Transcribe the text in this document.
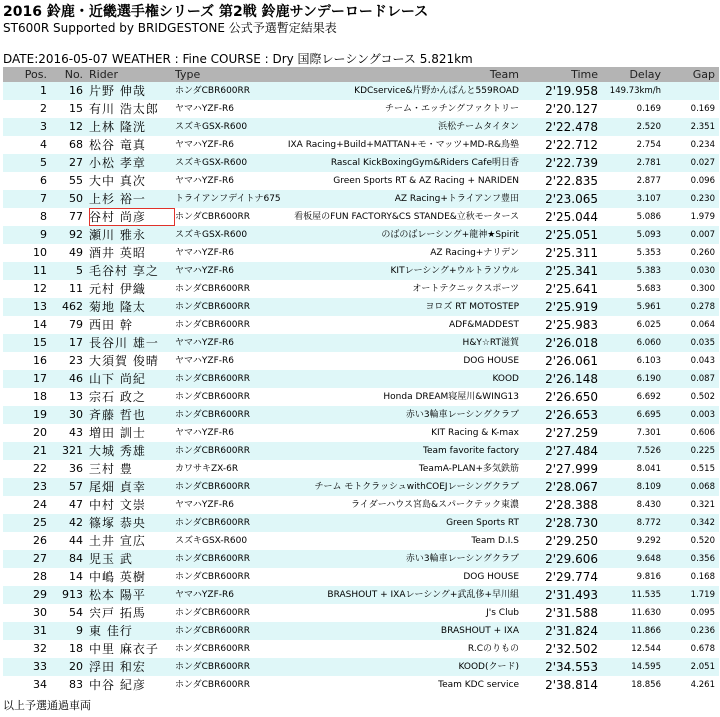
2016 鈴鹿・近畿選手権シリーズ 第2戦 鈴鹿サンデーロードレース
ST600R Supported by BRIDGESTONE 公式予選暫定結果表
DATE:2016-05-07 WEATHER : Fine COURSE : Dry 国際レーシングコース 5.821km
Pos.	No. Rider	Type	Team	Time	Delay	Gap
1	16 片野 伸哉	ホンダCBR600RR	KDCservice&片野かんぱんと559ROAD	2'19.958	149.73km/h
2	15 有川 浩太郎	ヤマハYZF-R6	チーム・エッチングファクトリー	2'20.127	0.169	0.169
3	12 上林 隆洸	スズキGSX-R600	浜松チームタイタン	2'22.478	2.520	2.351
4	68 松谷 竜真	ヤマハYZF-R6	IXA Racing+Build+MATTAN+モ・マッツ+MD-R&鳥塾	2'22.712	2.754	0.234
5	27 小松 孝章	スズキGSX-R600	Rascal KickBoxingGym&Riders Cafe明日香	2'22.739	2.781	0.027
6	55 大中 真次	ヤマハYZF-R6	Green Sports RT & AZ Racing + NARIDEN	2'22.835	2.877	0.096
7	50 上杉 裕一	トライアンフデイトナ675	AZ Racing+トライアンフ豊田	2'23.065	3.107	0.230
8	77 谷村 尚彦	ホンダCBR600RR	看板屋のFUN FACTORY&CS STANDE&立秋モータース	2'25.044	5.086	1.979
9	92 瀬川 雅永	スズキGSX-R600	のばのばレーシング+龍神★Spirit	2'25.051	5.093	0.007
10	49 酒井 英昭	ヤマハYZF-R6	AZ Racing+ナリデン	2'25.311	5.353	0.260
11	5 毛谷村 享之	ヤマハYZF-R6	KITレーシング+ウルトラソウル	2'25.341	5.383	0.030
12	11 元村 伊織	ホンダCBR600RR	オートテクニックスポーツ	2'25.641	5.683	0.300
13	462 菊地 隆太	ホンダCBR600RR	ヨロズ RT MOTOSTEP	2'25.919	5.961	0.278
14	79 西田 幹	ホンダCBR600RR	ADF&MADDEST	2'25.983	6.025	0.064
15	17 長谷川 雄一	ヤマハYZF-R6	H&Y☆RT滋賀	2'26.018	6.060	0.035
16	23 大須賀 俊晴	ヤマハYZF-R6	DOG HOUSE	2'26.061	6.103	0.043
17	46 山下 尚紀	ホンダCBR600RR	KOOD	2'26.148	6.190	0.087
18	13 宗石 政之	ホンダCBR600RR	Honda DREAM寝屋川&WING13	2'26.650	6.692	0.502
19	30 斉藤 哲也	ホンダCBR600RR	赤い3輪車レーシングクラブ	2'26.653	6.695	0.003
20	43 増田 訓士	ヤマハYZF-R6	KIT Racing & K-max	2'27.259	7.301	0.606
21	321 大城 秀雄	ホンダCBR600RR	Team favorite factory	2'27.484	7.526	0.225
22	36 三村 豊	カワサキZX-6R	TeamA-PLAN+多気鉄筋	2'27.999	8.041	0.515
23	57 尾畑 貞幸	ホンダCBR600RR	チーム モトクラッシュwithCOEJレーシングクラブ	2'28.067	8.109	0.068
24	47 中村 文崇	ヤマハYZF-R6	ライダーハウス宮島&スパークテック東濃	2'28.388	8.430	0.321
25	42 篠塚 恭央	ホンダCBR600RR	Green Sports RT	2'28.730	8.772	0.342
26	44 土井 宣広	スズキGSX-R600	Team D.I.S	2'29.250	9.292	0.520
27	84 児玉 武	ホンダCBR600RR	赤い3輪車レーシングクラブ	2'29.606	9.648	0.356
28	14 中嶋 英樹	ホンダCBR600RR	DOG HOUSE	2'29.774	9.816	0.168
29	913 松本 陽平	ヤマハYZF-R6	BRASHOUT + IXAレーシング+武乱侈+早川組	2'31.493	11.535	1.719
30	54 宍戸 拓馬	ホンダCBR600RR	J's Club	2'31.588	11.630	0.095
31	9 東 佳行	ホンダCBR600RR	BRASHOUT + IXA	2'31.824	11.866	0.236
32	18 中里 麻衣子	ホンダCBR600RR	R.Cのりもの	2'32.502	12.544	0.678
33	20 浮田 和宏	ホンダCBR600RR	KOOD(クード)	2'34.553	14.595	2.051
34	83 中谷 紀彦	ホンダCBR600RR	Team KDC service	2'38.814	18.856	4.261
以上予選通過車両
